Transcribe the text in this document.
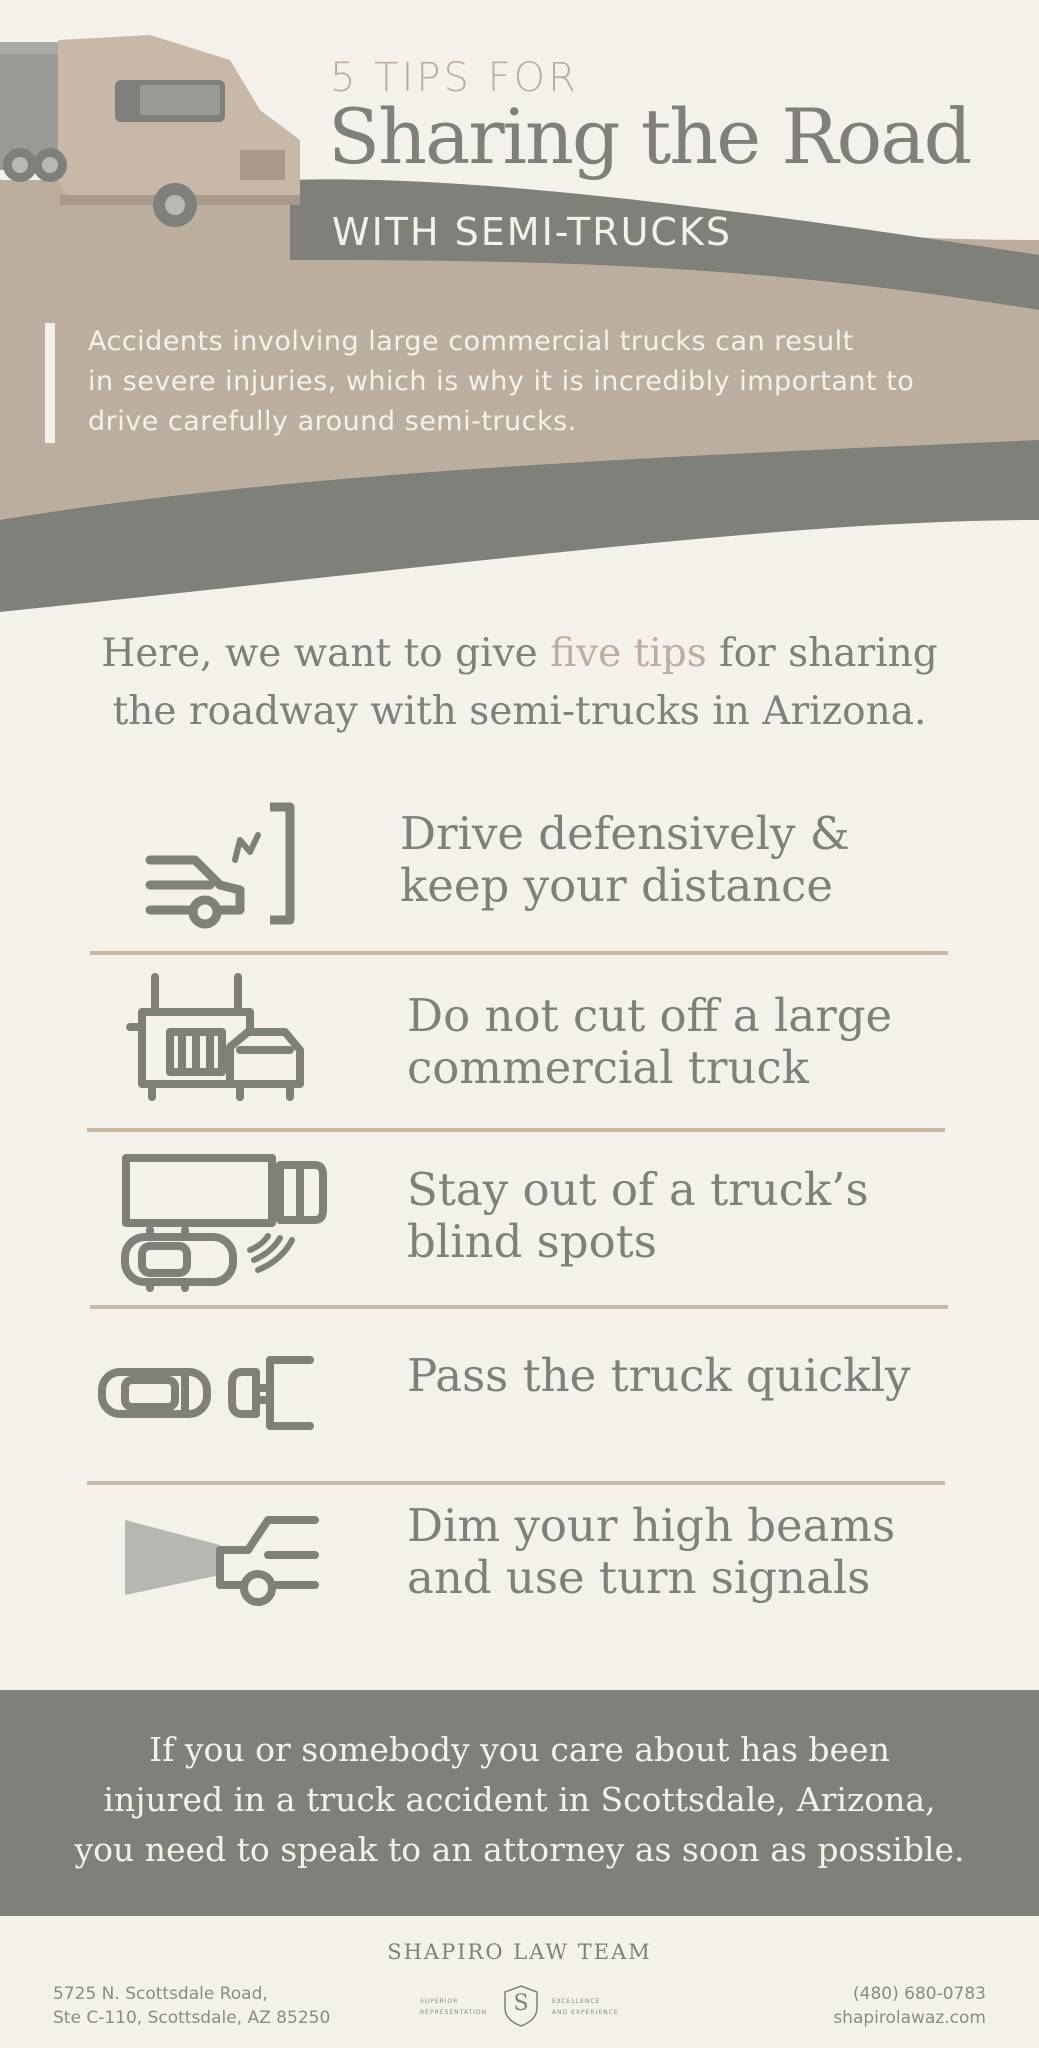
5 TIPS FOR
Sharing the Road
WITH SEMI-TRUCKS
Accidents involving large commercial trucks can result
in severe injuries, which is why it is incredibly important to
drive carefully around semi-trucks.
Here, we want to give five tips for sharing
the roadway with semi-trucks in Arizona.
Drive defensively &
keep your distance
Do not cut off a large
commercial truck
Stay out of a truck’s
blind spots
Pass the truck quickly
Dim your high beams
and use turn signals
If you or somebody you care about has been
injured in a truck accident in Scottsdale, Arizona,
you need to speak to an attorney as soon as possible.
SHAPIRO LAW TEAM
SUPERIOR
REPRESENTATION	S	EXCELLENCE
AND EXPERIENCE
5725 N. Scottsdale Road,
Ste C-110, Scottsdale, AZ 85250
(480) 680-0783
shapirolawaz.com
